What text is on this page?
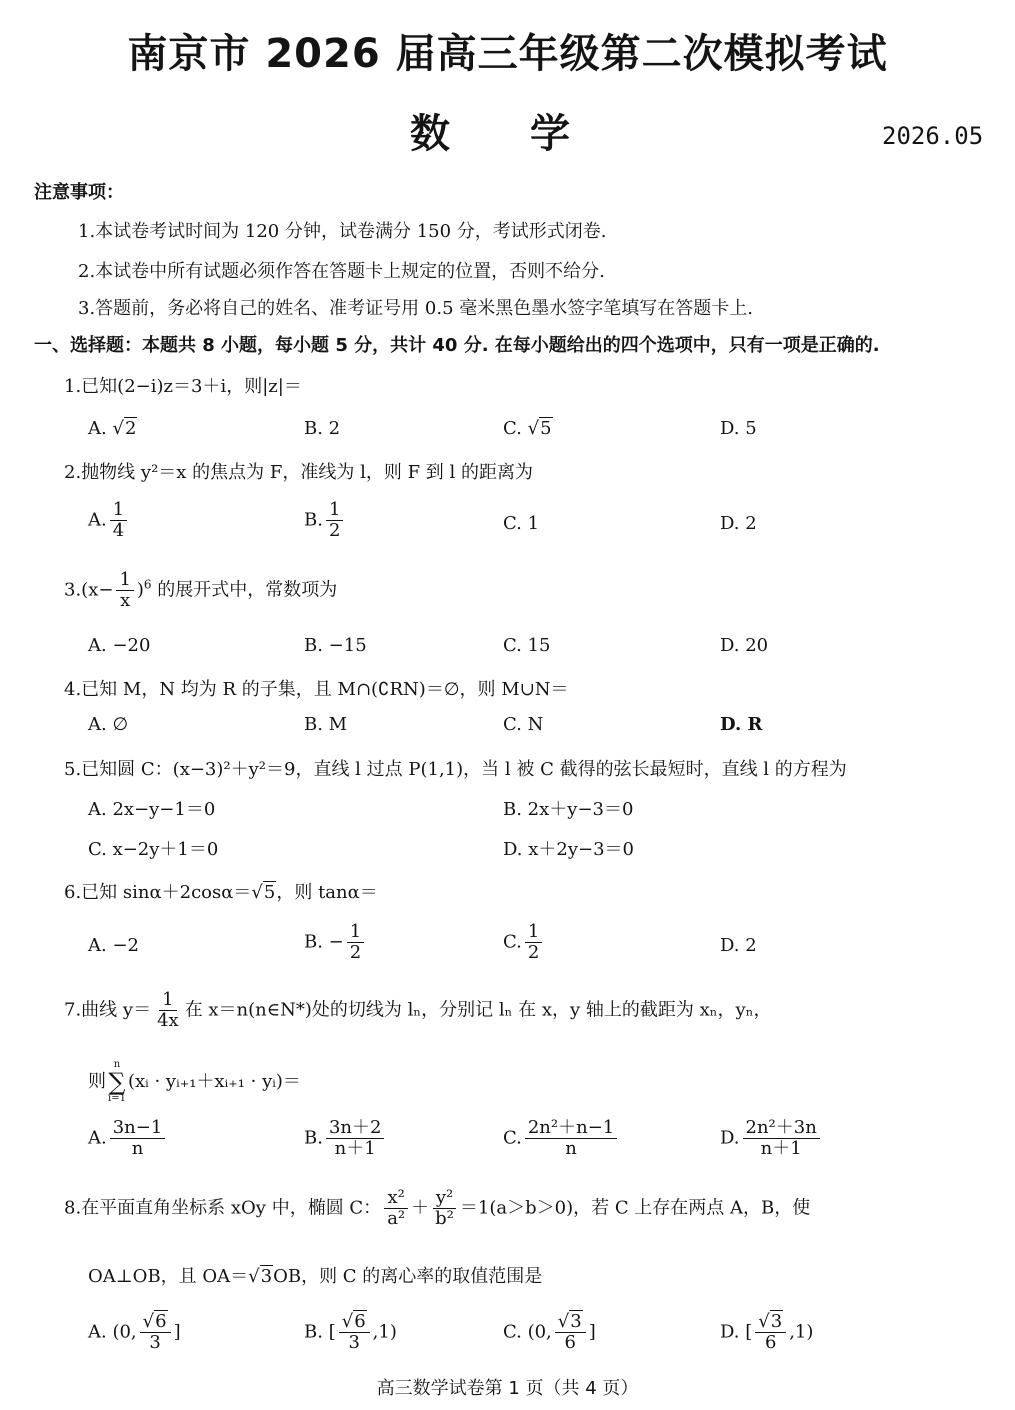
南京市 2026 届高三年级第二次模拟考试
数 学	2026.05
注意事项：
1.本试卷考试时间为 120 分钟，试卷满分 150 分，考试形式闭卷.
2.本试卷中所有试题必须作答在答题卡上规定的位置，否则不给分.
3.答题前，务必将自己的姓名、准考证号用 0.5 毫米黑色墨水签字笔填写在答题卡上.
一、选择题：本题共 8 小题，每小题 5 分，共计 40 分. 在每小题给出的四个选项中，只有一项是正确的.
1.已知(2−i)z＝3＋i，则|z|＝
A. √2	B. 2	C. √5	D. 5
2.抛物线 y²＝x 的焦点为 F，准线为 l，则 F 到 l 的距离为
A. $\frac{1}{4}$	B. $\frac{1}{2}$	C. 1	D. 2
$3.(x- \frac{1}{x} )^6$ 的展开式中，常数项为
A. −20	B. −15	C. 15	D. 20
4.已知 M，N 均为 R 的子集，且 M∩(∁RN)＝∅，则 M∪N＝
A. ∅	B. M	C. N	D. R
5.已知圆 C：(x−3)²＋y²＝9，直线 l 过点 P(1,1)，当 l 被 C 截得的弦长最短时，直线 l 的方程为
A. 2x−y−1＝0	B. 2x＋y−3＝0
C. x−2y＋1＝0	D. x＋2y−3＝0
6.已知 sinα＋2cosα＝√5，则 tanα＝
A. −2	B. − $\frac{1}{2}$	C. $\frac{1}{2}$	D. 2
7.曲线 $y= \frac{1}{4x}$ 在 x＝n(n∈N*)处的切线为 lₙ，分别记 lₙ 在 x，y 轴上的截距为 xₙ，yₙ，
则
n
∑
i=1
(xᵢ · yᵢ₊₁＋xᵢ₊₁ · yᵢ)＝
A. $\frac{3n-1}{n}$	B. $\frac{3n+2}{n+1}$	C. $\frac{\text{2n²＋n−1}}{n}$	D. $\frac{\text{2n²＋3n}}{n+1}$
8.在平面直角坐标系 xOy 中，椭圆 C： $\frac{\text{x²}}{\text{a²}} + \frac{\text{y²}}{\text{b²}} =1(a>b>0)$，若 C 上存在两点 A，B，使
OA⊥OB，且 OA＝√3OB，则 C 的离心率的取值范围是
A. (0, $\frac{√6}{3}$ ]	B. [ $\frac{√6}{3} ,1$)	C. (0, $\frac{√3}{6}$ ]	D. [ $\frac{√3}{6} ,1$)
高三数学试卷第 1 页（共 4 页）
